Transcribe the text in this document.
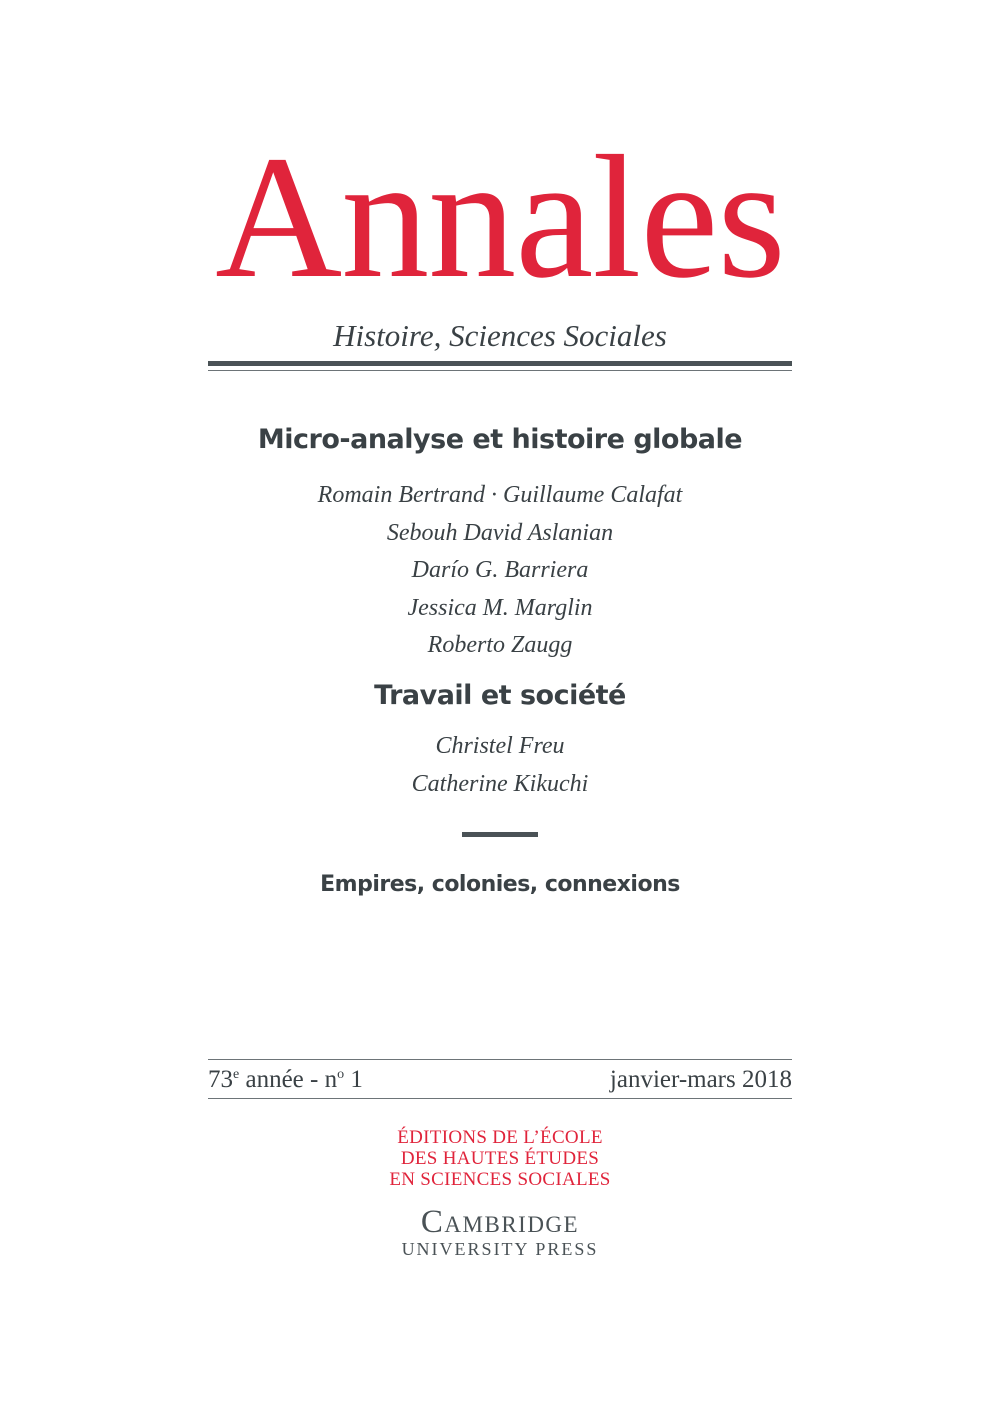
Annales
Histoire, Sciences Sociales
Micro-analyse et histoire globale
Romain Bertrand · Guillaume Calafat
Sebouh David Aslanian
Darío G. Barriera
Jessica M. Marglin
Roberto Zaugg
Travail et société
Christel Freu
Catherine Kikuchi
Empires, colonies, connexions
73e année - $n^o$ 1	janvier-mars 2018
ÉDITIONS DE L’ÉCOLE
DES HAUTES ÉTUDES
EN SCIENCES SOCIALES
Cambridge
UNIVERSITY PRESS
